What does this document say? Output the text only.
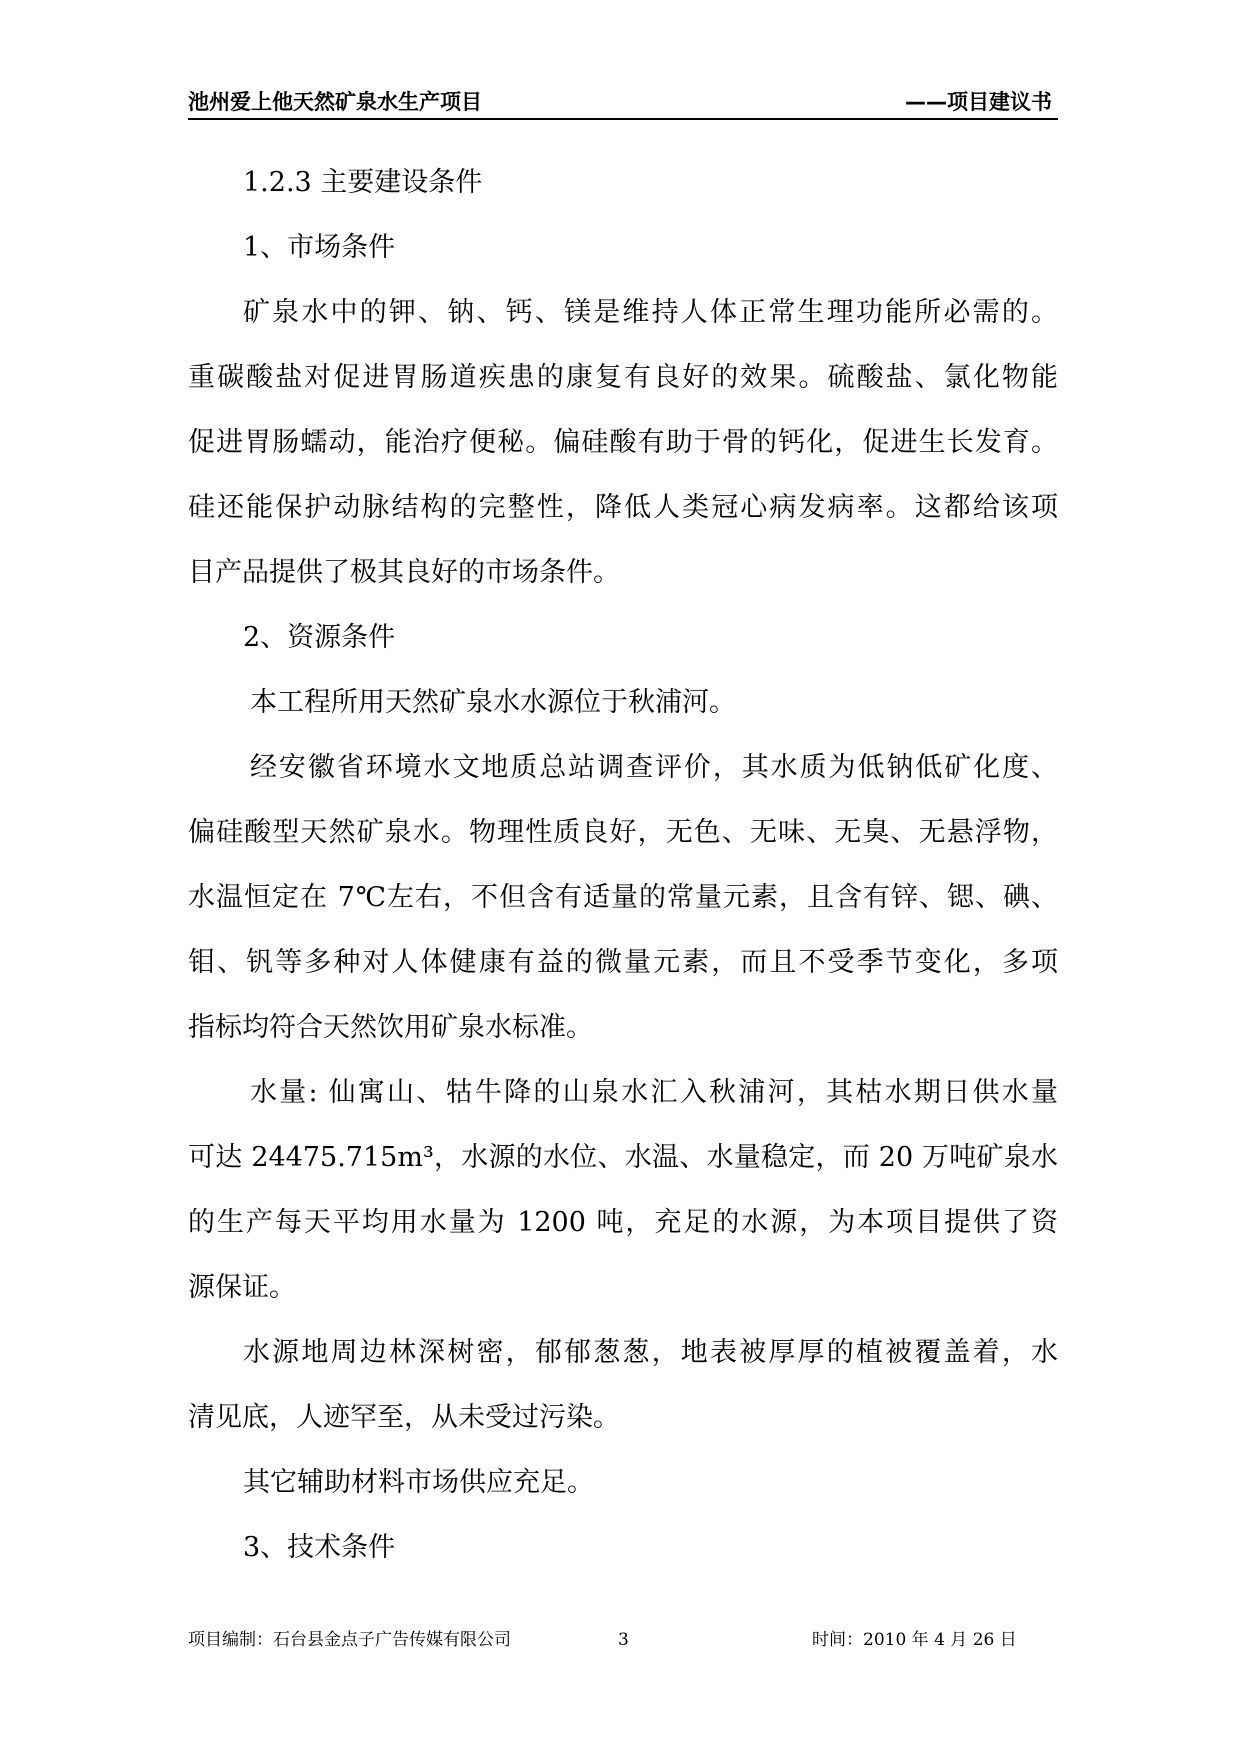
池州爱上他天然矿泉水生产项目	——项目建议书
1.2.3 主要建设条件
1、市场条件
矿泉水中的钾、钠、钙、镁是维持人体正常生理功能所必需的。
重碳酸盐对促进胃肠道疾患的康复有良好的效果。硫酸盐、氯化物能
促进胃肠蠕动，能治疗便秘。偏硅酸有助于骨的钙化，促进生长发育。
硅还能保护动脉结构的完整性，降低人类冠心病发病率。这都给该项
目产品提供了极其良好的市场条件。
2、资源条件
本工程所用天然矿泉水水源位于秋浦河。
经安徽省环境水文地质总站调查评价，其水质为低钠低矿化度、
偏硅酸型天然矿泉水。物理性质良好，无色、无味、无臭、无悬浮物，
水温恒定在 7℃左右，不但含有适量的常量元素，且含有锌、锶、碘、
钼、钒等多种对人体健康有益的微量元素，而且不受季节变化，多项
指标均符合天然饮用矿泉水标准。
水量: 仙寓山、牯牛降的山泉水汇入秋浦河，其枯水期日供水量
可达 24475.715m³，水源的水位、水温、水量稳定，而 20 万吨矿泉水
的生产每天平均用水量为 1200 吨，充足的水源，为本项目提供了资
源保证。
水源地周边林深树密，郁郁葱葱，地表被厚厚的植被覆盖着，水
清见底，人迹罕至，从未受过污染。
其它辅助材料市场供应充足。
3、技术条件
项目编制：石台县金点子广告传媒有限公司	3	时间：2010 年 4 月 26 日
